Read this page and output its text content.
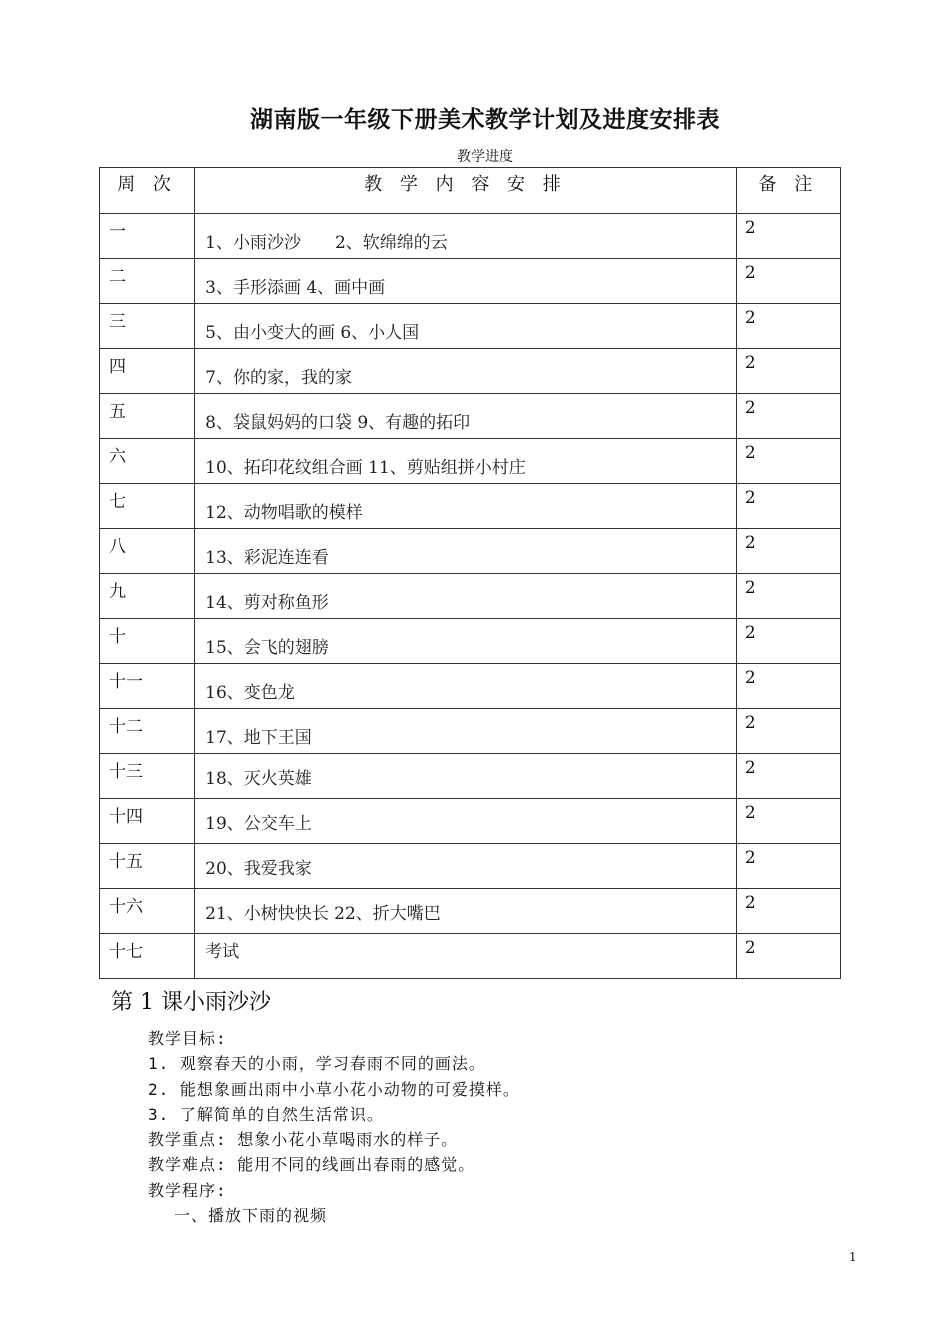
湖南版一年级下册美术教学计划及进度安排表
教学进度
周 次	教 学 内 容 安 排	备 注

一	1、小雨沙沙　　2、软绵绵的云	2

二	3、手形添画 4、画中画	2

三	5、由小变大的画 6、小人国	2

四	7、你的家，我的家	2

五	8、袋鼠妈妈的口袋 9、有趣的拓印	2

六	10、拓印花纹组合画 11、剪贴组拼小村庄	2

七	12、动物唱歌的模样	2

八	13、彩泥连连看	2

九	14、剪对称鱼形	2

十	15、会飞的翅膀	2

十一	16、变色龙	2

十二	17、地下王国	2

十三	18、灭火英雄	2

十四	19、公交车上	2

十五	20、我爱我家	2

十六	21、小树快快长 22、折大嘴巴	2

十七	考试	2
第 1 课小雨沙沙
教学目标:
1. 观察春天的小雨，学习春雨不同的画法。
2. 能想象画出雨中小草小花小动物的可爱摸样。
3. 了解简单的自然生活常识。
教学重点: 想象小花小草喝雨水的样子。
教学难点: 能用不同的线画出春雨的感觉。
教学程序:
一、播放下雨的视频
1
